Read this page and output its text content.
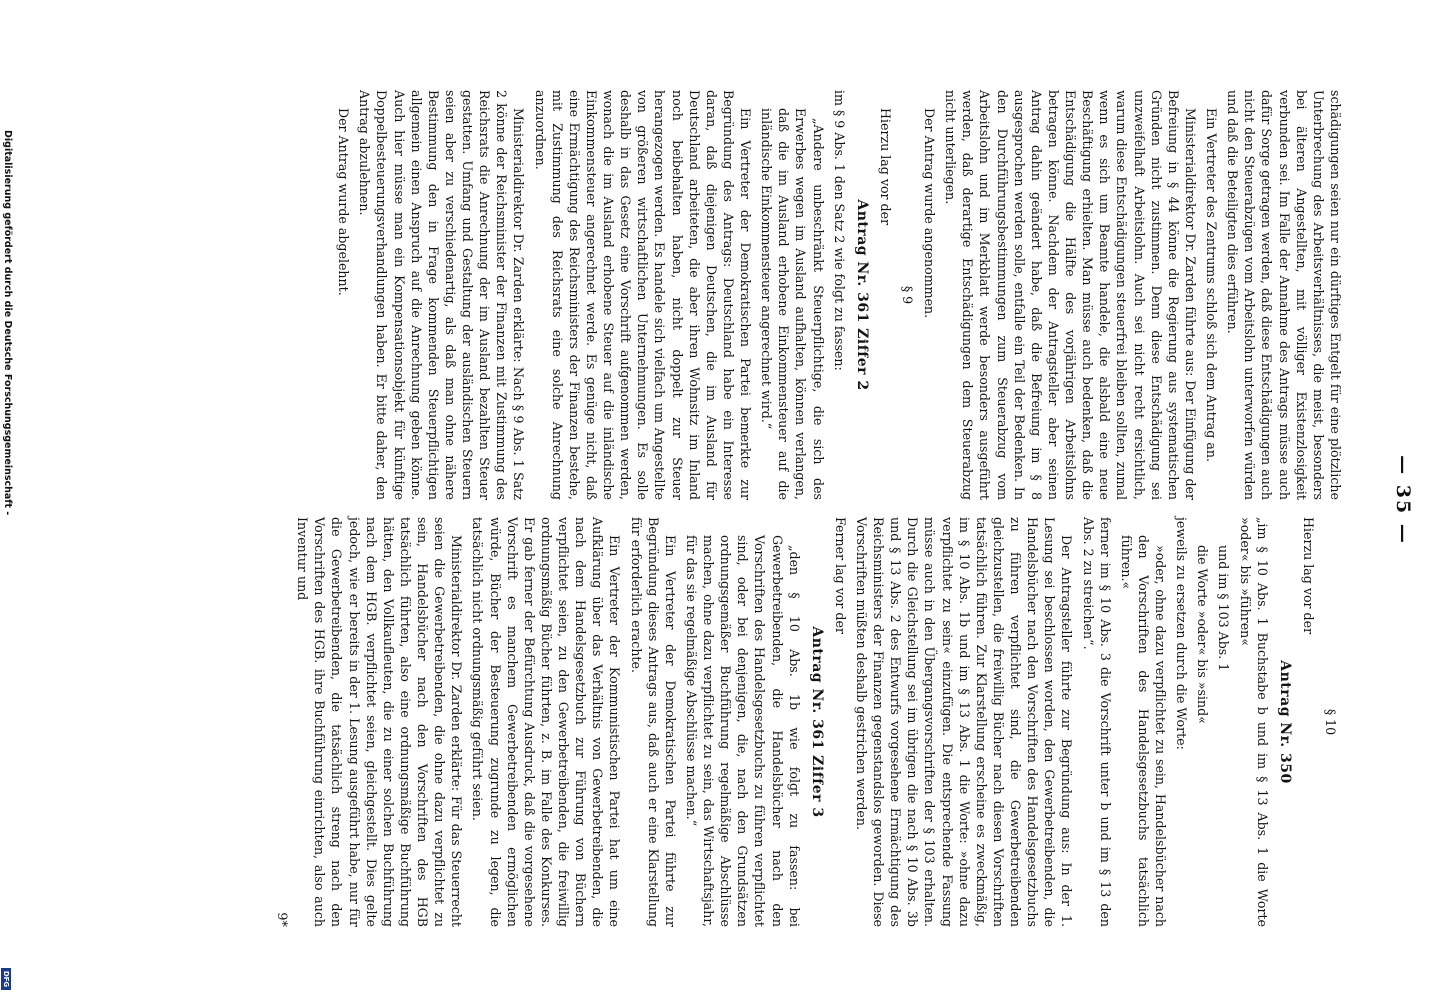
Digitalisierung gefördert durch die Deutsche Forschungsgemeinschaft -
DFG
— 35 —

schädigungen seien nur ein dürftiges Entgelt für eine plötzliche Unterbrechung des Arbeitsverhältnisses, die meist, besonders bei älteren Angestellten, mit völliger Existenzlosigkeit verbunden sei. Im Falle der Annahme des Antrags müsse auch dafür Sorge getragen werden, daß diese Entschädigungen auch nicht den Steuerabzügen vom Arbeitslohn unterworfen würden und daß die Beteiligten dies erführen.

Ein Vertreter des Zentrums schloß sich dem Antrag an.

Ministerialdirektor Dr. Zarden führte aus: Der Einfügung der Befreiung in § 44 könne die Regierung aus systematischen Gründen nicht zustimmen. Denn diese Entschädigung sei unzweifelhaft Arbeitslohn. Auch sei nicht recht ersichtlich, warum diese Entschädigungen steuerfrei bleiben sollten, zumal wenn es sich um Beamte handele, die alsbald eine neue Beschäftigung erhielten. Man müsse auch bedenken, daß die Entschädigung die Hälfte des vorjährigen Arbeitslohns betragen könne. Nachdem der Antragsteller aber seinen Antrag dahin geändert habe, daß die Befreiung im § 8 ausgesprochen werden solle, entfalle ein Teil der Bedenken. In den Durchführungsbestimmungen zum Steuerabzug vom Arbeitslohn und im Merkblatt werde besonders ausgeführt werden, daß derartige Entschädigungen dem Steuerabzug nicht unterliegen.

Der Antrag wurde angenommen.

§ 9

Hierzu lag vor der

Antrag Nr. 361 Ziffer 2

im § 9 Abs. 1 den Satz 2 wie folgt zu fassen:

„Andere unbeschränkt Steuerpflichtige, die sich des Erwerbes wegen im Ausland aufhalten, können verlangen, daß die im Ausland erhobene Einkommensteuer auf die inländische Einkommensteuer angerechnet wird.“

Ein Vertreter der Demokratischen Partei bemerkte zur Begründung des Antrags: Deutschland habe ein Interesse daran, daß diejenigen Deutschen, die im Ausland für Deutschland arbeiteten, die aber ihren Wohnsitz im Inland noch beibehalten haben, nicht doppelt zur Steuer herangezogen werden. Es handele sich vielfach um Angestellte von größeren wirtschaftlichen Unternehmungen. Es solle deshalb in das Gesetz eine Vorschrift aufgenommen werden, wonach die im Ausland erhobene Steuer auf die inländische Einkommensteuer angerechnet werde. Es genüge nicht, daß eine Ermächtigung des Reichsministers der Finanzen bestehe, mit Zustimmung des Reichsrats eine solche Anrechnung anzuordnen.

Ministerialdirektor Dr. Zarden erklärte: Nach § 9 Abs. 1 Satz 2 könne der Reichsminister der Finanzen mit Zustimmung des Reichsrats die Anrechnung der im Ausland bezahlten Steuer gestatten. Umfang und Gestaltung der ausländischen Steuern seien aber zu verschiedenartig, als daß man ohne nähere Bestimmung den in Frage kommenden Steuerpflichtigen allgemein einen Anspruch auf die Anrechnung geben könne. Auch hier müsse man ein Kompensationsobjekt für künftige Doppelbesteuerungsverhandlungen haben. Er bitte daher, den Antrag abzulehnen.

Der Antrag wurde abgelehnt.

§ 10

Hierzu lag vor der

Antrag Nr. 350

„im § 10 Abs. 1 Buchstabe b und im § 13 Abs. 1 die Worte »oder« bis »führen«

und im § 103 Abs. 1

die Worte »oder« bis »sind«

jeweils zu ersetzen durch die Worte:

»oder, ohne dazu verpflichtet zu sein, Handelsbücher nach den Vorschriften des Handelsgesetzbuchs tatsächlich führen.«

ferner im § 10 Abs. 3 die Vorschrift unter b und im § 13 den Abs. 2 zu streichen“.

Der Antragsteller führte zur Begründung aus: In der 1. Lesung sei beschlossen worden, den Gewerbetreibenden, die Handelsbücher nach den Vorschriften des Handelsgesetzbuchs zu führen verpflichtet sind, die Gewerbetreibenden gleichzustellen, die freiwillig Bücher nach diesen Vorschriften tatsächlich führen. Zur Klarstellung erscheine es zweckmäßig, im § 10 Abs. 1b und im § 13 Abs. 1 die Worte: »ohne dazu verpflichtet zu sein« einzufügen. Die entsprechende Fassung müsse auch in den Übergangsvorschriften der § 103 erhalten. Durch die Gleichstellung sei im übrigen die nach § 10 Abs. 3b und § 13 Abs. 2 des Entwurfs vorgesehene Ermächtigung des Reichsministers der Finanzen gegenstandslos geworden. Diese Vorschriften müßten deshalb gestrichen werden.

Ferner lag vor der

Antrag Nr. 361 Ziffer 3

„den § 10 Abs. 1b wie folgt zu fassen: bei Gewerbetreibenden, die Handelsbücher nach den Vorschriften des Handelsgesetzbuchs zu führen verpflichtet sind, oder bei denjenigen, die, nach den Grundsätzen ordnungsgemäßer Buchführung regelmäßige Abschlüsse machen, ohne dazu verpflichtet zu sein, das Wirtschaftsjahr, für das sie regelmäßige Abschlüsse machen.“

Ein Vertreter der Demokratischen Partei führte zur Begründung dieses Antrags aus, daß auch er eine Klarstellung für erforderlich erachte.

Ein Vertreter der Kommunistischen Partei hat um eine Aufklärung über das Verhältnis von Gewerbetreibenden, die nach dem Handelsgesetzbuch zur Führung von Büchern verpflichtet seien, zu den Gewerbetreibenden, die freiwillig ordnungsmäßig Bücher führten, z. B. im Falle des Konkurses. Er gab ferner der Befürchtung Ausdruck, daß die vorgesehene Vorschrift es manchem Gewerbetreibenden ermöglichen würde, Bücher der Besteuerung zugrunde zu legen, die tatsächlich nicht ordnungsmäßig geführt seien.

Ministerialdirektor Dr. Zarden erklärte: Für das Steuerrecht seien die Gewerbetreibenden, die ohne dazu verpflichtet zu sein, Handelsbücher nach den Vorschriften des HGB tatsächlich führten, also eine ordnungsmäßige Buchführung hätten, den Vollkaufleuten, die zu einer solchen Buchführung nach dem HGB. verpflichtet seien, gleichgestellt. Dies gelte jedoch, wie er bereits in der 1. Lesung ausgeführt habe, nur für die Gewerbetreibenden, die tatsächlich streng nach den Vorschriften des HGB. ihre Buchführung einrichten, also auch Inventur und

9*
